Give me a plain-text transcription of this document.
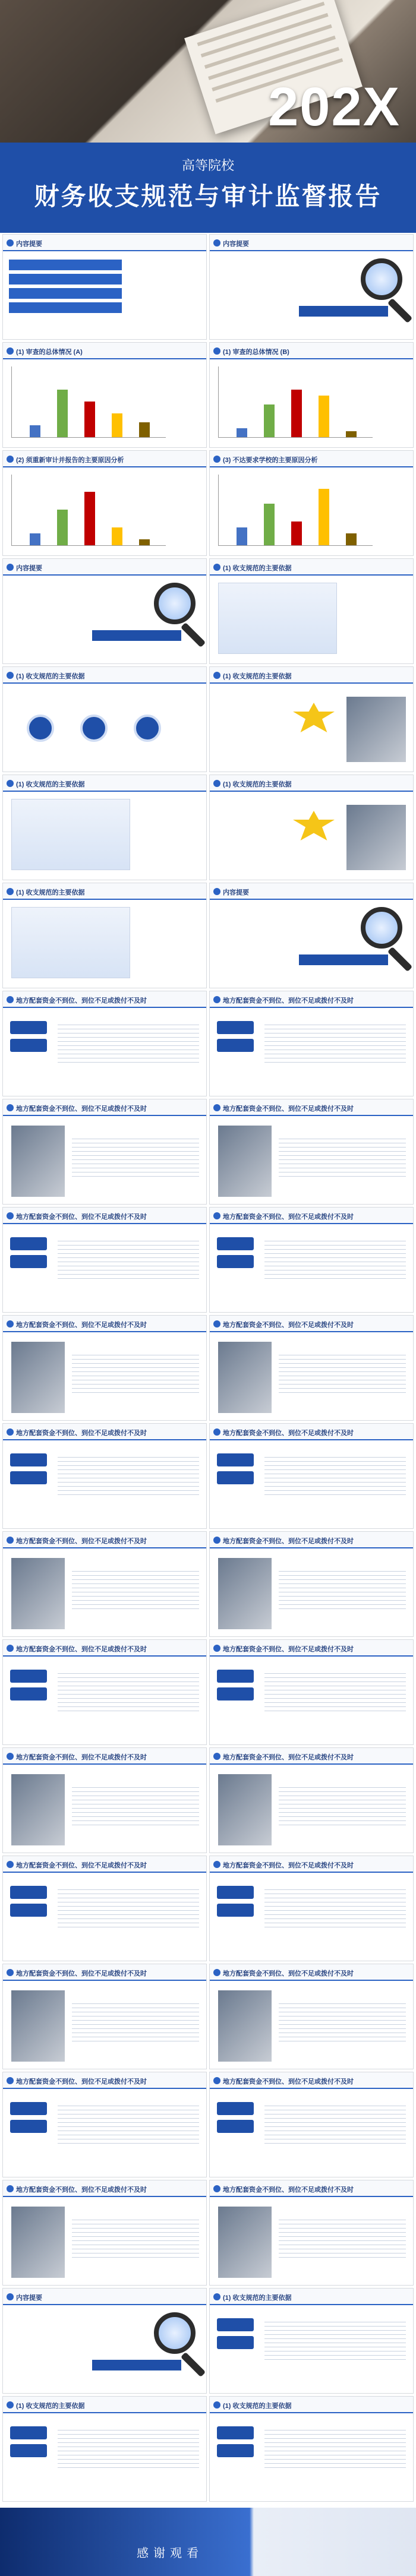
202X
高等院校
财务收支规范与审计监督报告
内容提要	内容提要
(1) 审查的总体情况 (A)	(1) 审查的总体情况 (B)
(2) 须重新审计并报告的主要原因分析	(3) 不达要求学校的主要原因分析
内容提要	(1) 收支规范的主要依据
(1) 收支规范的主要依据	(1) 收支规范的主要依据
(1) 收支规范的主要依据	(1) 收支规范的主要依据
(1) 收支规范的主要依据	内容提要
地方配套资金不到位、到位不足或拨付不及时	地方配套资金不到位、到位不足或拨付不及时
地方配套资金不到位、到位不足或拨付不及时	地方配套资金不到位、到位不足或拨付不及时
地方配套资金不到位、到位不足或拨付不及时	地方配套资金不到位、到位不足或拨付不及时
地方配套资金不到位、到位不足或拨付不及时	地方配套资金不到位、到位不足或拨付不及时
地方配套资金不到位、到位不足或拨付不及时	地方配套资金不到位、到位不足或拨付不及时
地方配套资金不到位、到位不足或拨付不及时	地方配套资金不到位、到位不足或拨付不及时
地方配套资金不到位、到位不足或拨付不及时	地方配套资金不到位、到位不足或拨付不及时
地方配套资金不到位、到位不足或拨付不及时	地方配套资金不到位、到位不足或拨付不及时
地方配套资金不到位、到位不足或拨付不及时	地方配套资金不到位、到位不足或拨付不及时
地方配套资金不到位、到位不足或拨付不及时	地方配套资金不到位、到位不足或拨付不及时
地方配套资金不到位、到位不足或拨付不及时	地方配套资金不到位、到位不足或拨付不及时
地方配套资金不到位、到位不足或拨付不及时	地方配套资金不到位、到位不足或拨付不及时
内容提要	(1) 收支规范的主要依据
(1) 收支规范的主要依据	(1) 收支规范的主要依据
感谢观看
